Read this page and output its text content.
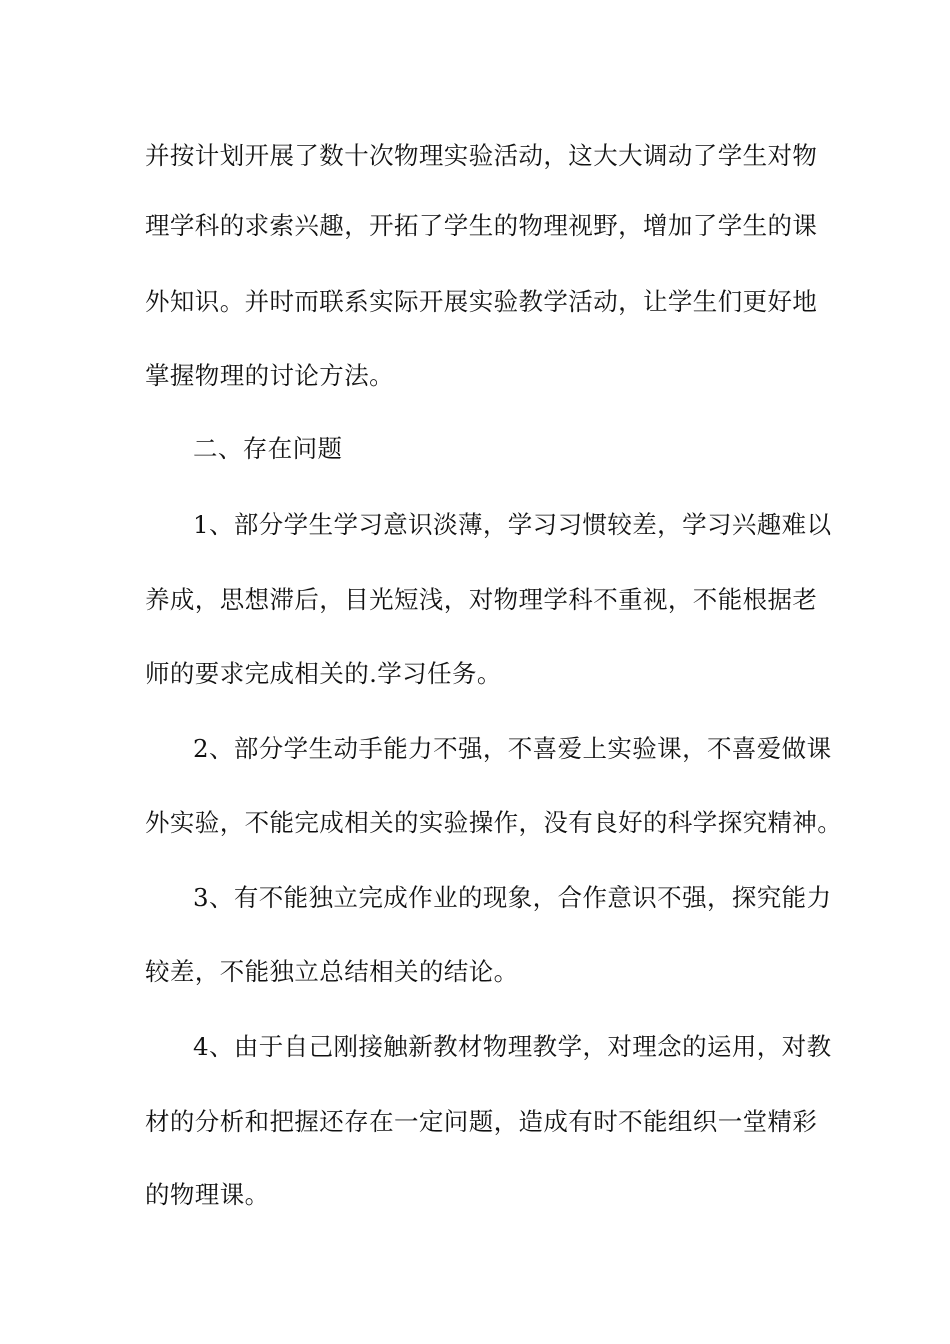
并按计划开展了数十次物理实验活动，这大大调动了学生对物
理学科的求索兴趣，开拓了学生的物理视野，增加了学生的课
外知识。并时而联系实际开展实验教学活动，让学生们更好地
掌握物理的讨论方法。
二、存在问题
1、部分学生学习意识淡薄，学习习惯较差，学习兴趣难以
养成，思想滞后，目光短浅，对物理学科不重视，不能根据老
师的要求完成相关的.学习任务。
2、部分学生动手能力不强，不喜爱上实验课，不喜爱做课
外实验，不能完成相关的实验操作，没有良好的科学探究精神。
3、有不能独立完成作业的现象，合作意识不强，探究能力
较差，不能独立总结相关的结论。
4、由于自己刚接触新教材物理教学，对理念的运用，对教
材的分析和把握还存在一定问题，造成有时不能组织一堂精彩
的物理课。
